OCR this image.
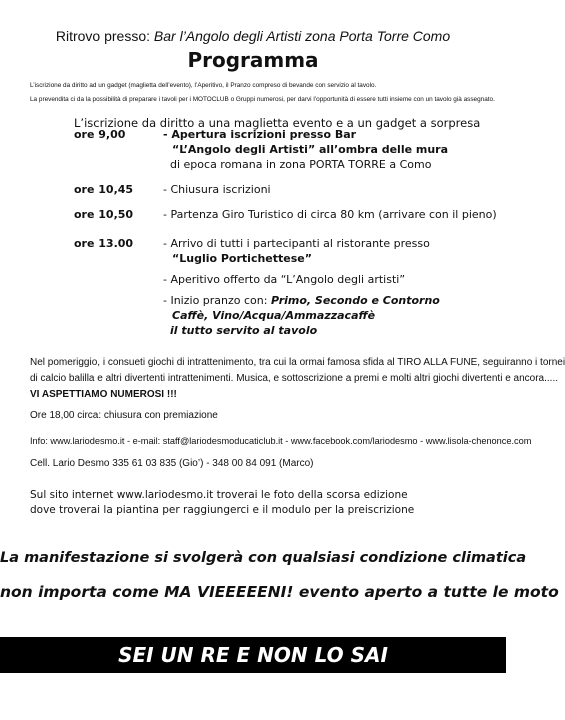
Ritrovo presso: Bar l’Angolo degli Artisti zona Porta Torre Como
Programma
L’iscrizione da diritto ad un gadget (maglietta dell’evento), l’Aperitivo, il Pranzo compreso di bevande con servizio al tavolo.
La prevendita ci da la possibilità di preparare i tavoli per i MOTOCLUB o Gruppi numerosi, per darvi l’opportunità di essere tutti insieme con un tavolo già assegnato.
L’iscrizione da diritto a una maglietta evento e a un gadget a sorpresa
ore 9,00	- Apertura iscrizioni presso Bar
“L’Angolo degli Artisti” all’ombra delle mura
di epoca romana in zona PORTA TORRE a Como
ore 10,45	- Chiusura iscrizioni
ore 10,50	- Partenza Giro Turistico di circa 80 km (arrivare con il pieno)
ore 13.00	- Arrivo di tutti i partecipanti al ristorante presso
“Luglio Portichettese”
- Aperitivo offerto da “L’Angolo degli artisti”
- Inizio pranzo con: Primo, Secondo e Contorno
Caffè, Vino/Acqua/Ammazzacaffè
il tutto servito al tavolo
Nel pomeriggio, i consueti giochi di intrattenimento, tra cui la ormai famosa sfida al TIRO ALLA FUNE, seguiranno i tornei
di calcio balilla e altri divertenti intrattenimenti. Musica, e sottoscrizione a premi e molti altri giochi divertenti e ancora.....
VI ASPETTIAMO NUMEROSI !!!
Ore 18,00 circa: chiusura con premiazione
Info: www.lariodesmo.it - e-mail: staff@lariodesmoducaticlub.it - www.facebook.com/lariodesmo - www.lisola-chenonce.com
Cell. Lario Desmo 335 61 03 835 (Gio’) - 348 00 84 091 (Marco)
Sul sito internet www.lariodesmo.it troverai le foto della scorsa edizione
dove troverai la piantina per raggiungerci e il modulo per la preiscrizione
La manifestazione si svolgerà con qualsiasi condizione climatica
non importa come MA VIEEEEENI! evento aperto a tutte le moto
SEI UN RE E NON LO SAI
